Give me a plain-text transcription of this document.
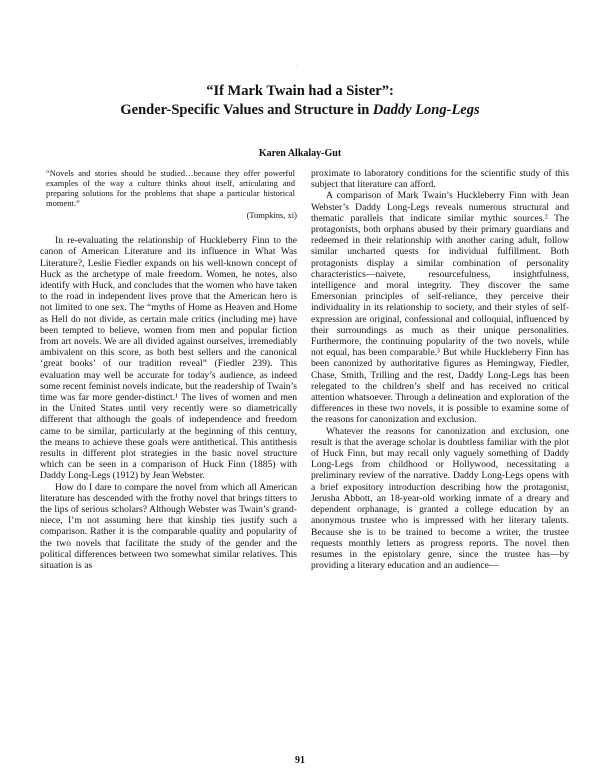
·
“If Mark Twain had a Sister”:
Gender-Specific Values and Structure in Daddy Long-Legs
Karen Alkalay-Gut
“Novels and stories should be studied…because they offer powerful examples of the way a culture thinks about itself, articulating and preparing solutions for the problems that shape a particular historical moment.”
(Tompkins, xi)

In re-evaluating the relationship of Huckleberry Finn to the canon of American Literature and its influence in What Was Literature?, Leslie Fiedler expands on his well-known concept of Huck as the archetype of male freedom. Women, he notes, also identify with Huck, and concludes that the women who have taken to the road in independent lives prove that the American hero is not limited to one sex. The “myths of Home as Heaven and Home as Hell do not divide, as certain male critics (including me) have been tempted to believe, women from men and popular fiction from art novels. We are all divided against ourselves, irremediably ambivalent on this score, as both best sellers and the canonical ‘great books’ of our tradition reveal” (Fiedler 239). This evaluation may well be accurate for today’s audience, as indeed some recent feminist novels indicate, but the readership of Twain’s time was far more gender-distinct.¹ The lives of women and men in the United States until very recently were so diametrically different that although the goals of independence and freedom came to be similar, particularly at the beginning of this century, the means to achieve these goals were antithetical. This antithesis results in different plot strategies in the basic novel structure which can be seen in a comparison of Huck Finn (1885) with Daddy Long-Legs (1912) by Jean Webster.

How do I dare to compare the novel from which all American literature has descended with the frothy novel that brings titters to the lips of serious scholars? Although Webster was Twain’s grand-niece, I’m not assuming here that kinship ties justify such a comparison. Rather it is the comparable quality and popularity of the two novels that facilitate the study of the gender and the political differences between two somewhat similar relatives. This situation is as

proximate to laboratory conditions for the scientific study of this subject that literature can afford.

A comparison of Mark Twain’s Huckleberry Finn with Jean Webster’s Daddy Long-Legs reveals numerous structural and thematic parallels that indicate similar mythic sources.² The protagonists, both orphans abused by their primary guardians and redeemed in their relationship with another caring adult, follow similar uncharted quests for individual fulfillment. Both protagonists display a similar combination of personality characteristics—naivete, resourcefulness, insightfulness, intelligence and moral integrity. They discover the same Emersonian principles of self-reliance, they perceive their individuality in its relationship to society, and their styles of self-expression are original, confessional and colloquial, influenced by their surroundings as much as their unique personalities. Furthermore, the continuing popularity of the two novels, while not equal, has been comparable.³ But while Huckleberry Finn has been canonized by authoritative figures as Hemingway, Fiedler, Chase, Smith, Trilling and the rest, Daddy Long-Legs has been relegated to the children’s shelf and has received no critical attention whatsoever. Through a delineation and exploration of the differences in these two novels, it is possible to examine some of the reasons for canonization and exclusion.

Whatever the reasons for canonization and exclusion, one result is that the average scholar is doubtless familiar with the plot of Huck Finn, but may recall only vaguely something of Daddy Long-Legs from childhood or Hollywood, necessitating a preliminary review of the narrative. Daddy Long-Legs opens with a brief expository introduction describing how the protagonist, Jerusha Abbott, an 18-year-old working inmate of a dreary and dependent orphanage, is granted a college education by an anonymous trustee who is impressed with her literary talents. Because she is to be trained to become a writer, the trustee requests monthly letters as progress reports. The novel then resumes in the epistolary genre, since the trustee has—by providing a literary education and an audience—

91
